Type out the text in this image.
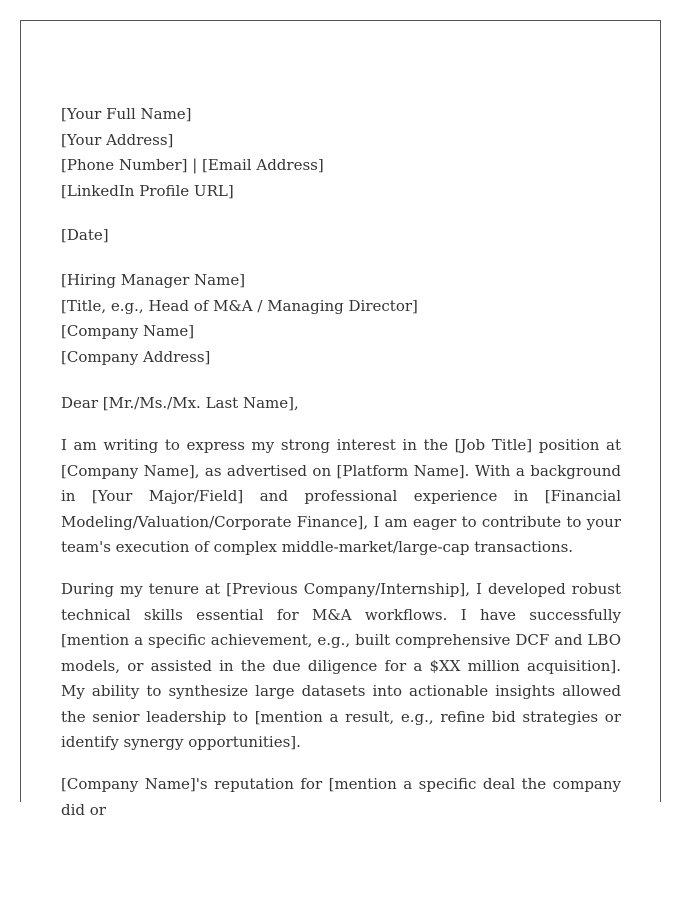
[Your Full Name]
[Your Address]
[Phone Number] | [Email Address]
[LinkedIn Profile URL]
[Date]
[Hiring Manager Name]
[Title, e.g., Head of M&A / Managing Director]
[Company Name]
[Company Address]

Dear [Mr./Ms./Mx. Last Name],

I am writing to express my strong interest in the [Job Title] position at [Company Name], as advertised on [Platform Name]. With a background in [Your Major/Field] and professional experience in [Financial Modeling/Valuation/Corporate Finance], I am eager to contribute to your team's execution of complex middle-market/large-cap transactions.

During my tenure at [Previous Company/Internship], I developed robust technical skills essential for M&A workflows. I have successfully [mention a specific achievement, e.g., built comprehensive DCF and LBO models, or assisted in the due diligence for a $XX million acquisition]. My ability to synthesize large datasets into actionable insights allowed the senior leadership to [mention a result, e.g., refine bid strategies or identify synergy opportunities].

[Company Name]'s reputation for [mention a specific deal the company did or
